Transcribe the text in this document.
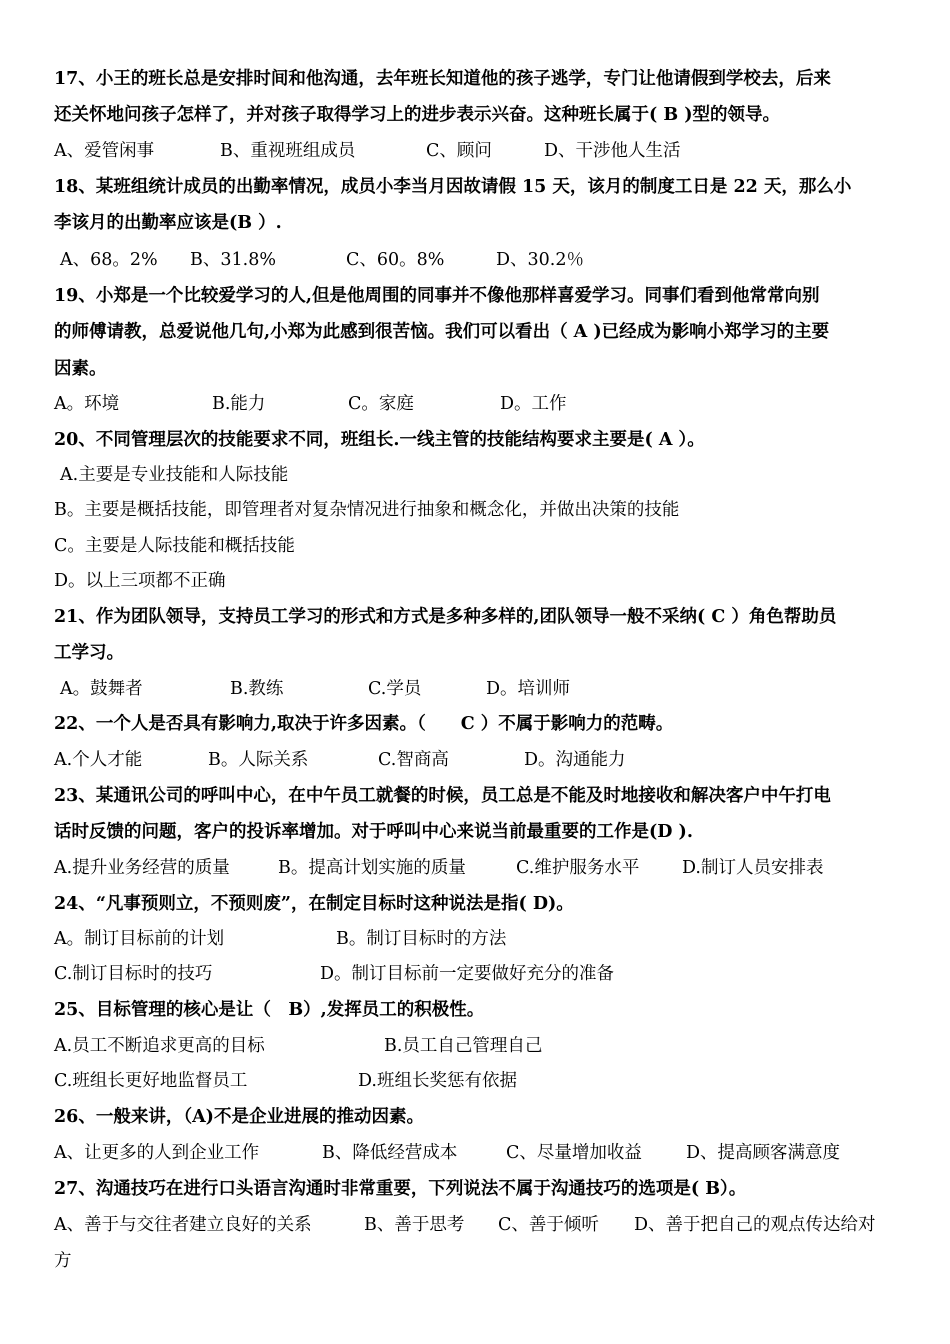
17、小王的班长总是安排时间和他沟通，去年班长知道他的孩子逃学，专门让他请假到学校去，后来
还关怀地问孩子怎样了，并对孩子取得学习上的进步表示兴奋。这种班长属于( B )型的领导。
A、爱管闲事	B、重视班组成员	C、顾问	D、干涉他人生活
18、某班组统计成员的出勤率情况，成员小李当月因故请假 15 天，该月的制度工日是 22 天，那么小
李该月的出勤率应该是(B ）.
A、68。2% B、31.8%	C、60。8%	D、30.2％
19、小郑是一个比较爱学习的人,但是他周围的同事并不像他那样喜爱学习。同事们看到他常常向别
的师傅请教，总爱说他几句,小郑为此感到很苦恼。我们可以看出（ A )已经成为影响小郑学习的主要
因素。
A。环境	B.能力	C。家庭	D。工作
20、不同管理层次的技能要求不同，班组长.一线主管的技能结构要求主要是( A ）。
A.主要是专业技能和人际技能
B。主要是概括技能，即管理者对复杂情况进行抽象和概念化，并做出决策的技能
C。主要是人际技能和概括技能
D。以上三项都不正确
21、作为团队领导，支持员工学习的形式和方式是多种多样的,团队领导一般不采纳( C ）角色帮助员
工学习。
A。鼓舞者	B.教练	C.学员	D。培训师
22、一个人是否具有影响力,取决于许多因素。（　　C ）不属于影响力的范畴。
A.个人才能	B。人际关系	C.智商高	D。沟通能力
23、某通讯公司的呼叫中心，在中午员工就餐的时候，员工总是不能及时地接收和解决客户中午打电
话时反馈的问题，客户的投诉率增加。对于呼叫中心来说当前最重要的工作是(D ).
A.提升业务经营的质量	B。提高计划实施的质量	C.维护服务水平 D.制订人员安排表
24、“凡事预则立，不预则废”，在制定目标时这种说法是指( D)。
A。制订目标前的计划	B。制订目标时的方法
C.制订目标时的技巧	D。制订目标前一定要做好充分的准备
25、目标管理的核心是让（　B）,发挥员工的积极性。
A.员工不断追求更高的目标	B.员工自己管理自己
C.班组长更好地监督员工	D.班组长奖惩有依据
26、一般来讲，（A)不是企业进展的推动因素。
A、让更多的人到企业工作	B、降低经营成本	C、尽量增加收益	D、提高顾客满意度
27、沟通技巧在进行口头语言沟通时非常重要，下列说法不属于沟通技巧的选项是( B）。
A、善于与交往者建立良好的关系	B、善于思考 C、善于倾听 D、善于把自己的观点传达给对
方
